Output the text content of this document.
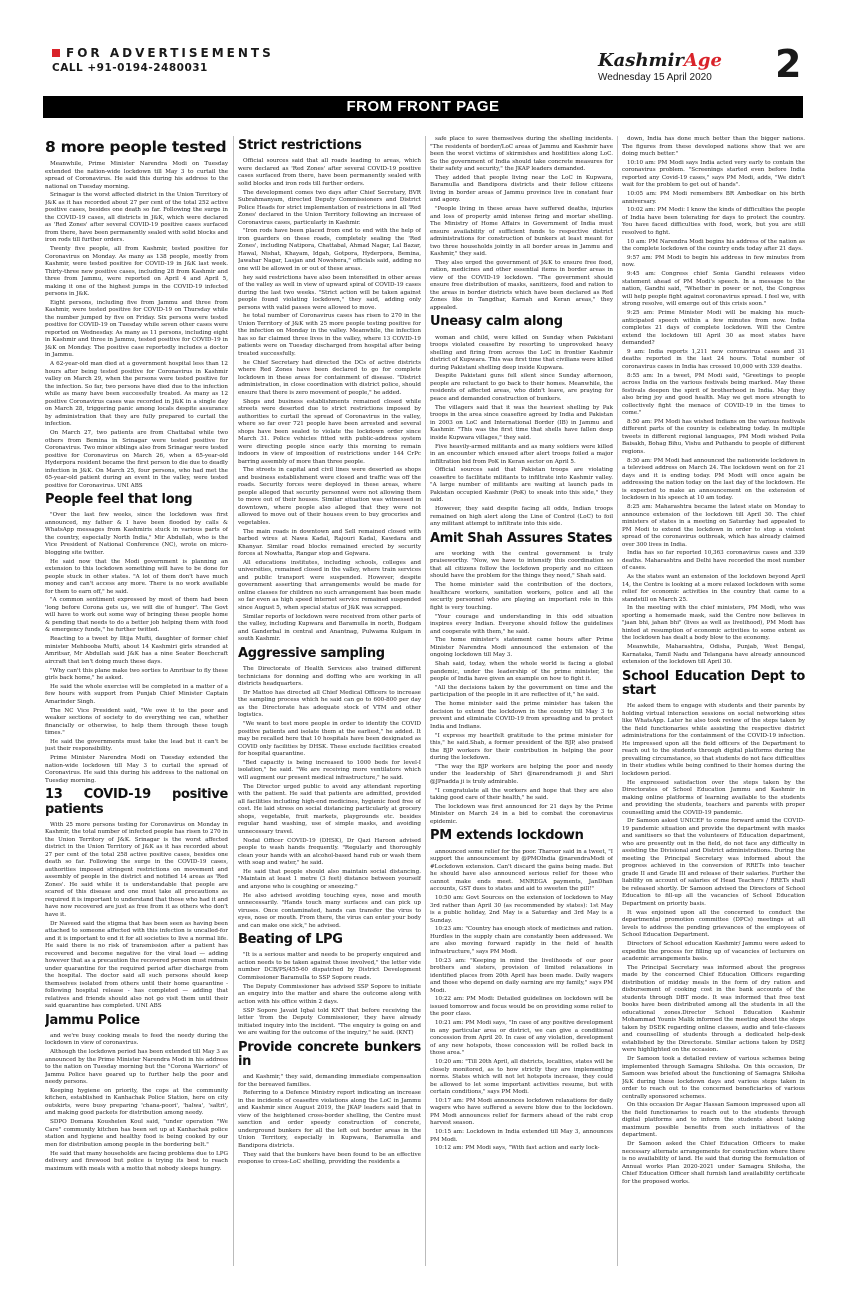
FOR ADVERTISEMENTS
CALL +91-0194-2480031	KashmirAge
Wednesday 15 April 2020 2
FROM FRONT PAGE
8 more people tested

Meanwhile, Prime Minister Narendra Modi on Tuesday extended the nation-wide lockdown till May 3 to curtail the spread of Coronavirus. He said this during his address to the national on Tuesday morning.

Srinagar is the worst affected district in the Union Territory of J&K as it has recorded about 27 per cent of the total 252 active positive cases, besides one death so far. Following the surge in the COVID-19 cases, all districts in J&K, which were declared as 'Red Zones' after several COVID-19 positive cases surfaced from there, have been permanently sealed with solid blocks and iron rods till further orders.

Twenty five people, all from Kashmir, tested positive for Coronavirus on Monday. As many as 138 people, mostly from Kashmir, were tested positive for COVID-19 in J&K last week. Thirty-three new positive cases, including 28 from Kashmir and three from Jammu, were reported on April 4 and April 5, making it one of the highest jumps in the COVID-19 infected persons in J&K.

Eight persons, including five from Jammu and three from Kashmir, were tested positive for COVID-19 on Thursday while the number jumped by five on Friday. Six persons were tested positive for COVID-19 on Tuesday while seven other cases were reported on Wednesday. As many as 11 persons, including eight in Kashmir and three in Jammu, tested positive for COVID-19 in J&K on Monday. The positive case reportedly includes a doctor in Jammu.

A 62-year-old man died at a government hospital less than 12 hours after being tested positive for Coronavirus in Kashmir valley on March 29, when the persons were tested positive for the infection. So far, two persons have died due to the infection while as many have been successfully treated. As many as 12 positive Coronavirus cases was recorded in J&K in a single day on March 28, triggering panic among locals despite assurance by administration that they are fully prepared to curtail the infection.

On March 27, two patients are from Chattabal while two others from Bemina in Srinagar were tested positive for Coronavirus. Two minor siblings also from Srinagar were tested positive for Coronavirus on March 26, when a 65-year-old Hyderpora resident became the first person to die due to deadly infection in J&K. On March 25, four persons, who had met the 65-year-old patient during an event in the valley, were tested positive for Coronavirus. UNI ABS

People feel that long

"Over the last few weeks, since the lockdown was first announced, my father & I have been flooded by calls & WhatsApp messages from Kashmiris stuck in various parts of the country, especially North India," Mir Abdullah, who is the Vice President of National Conference (NC), wrote on micro-blogging site twitter.

He said now that the Modi government is planning an extension to this lockdown something will have to be done for people stuck in other states. "A lot of them don't have much money and can't access any more. There is no work available for them to earn off," he said.

"A common sentiment expressed by most of them had been 'long before Corona gets us, we will die of hunger'. The Govt will have to work out some way of bringing these people home & pending that needs to do a better job helping them with food & emergency funds," he further twitted.

Reacting to a tweet by Iltija Mufti, daughter of former chief minister Mehbooba Mufti, about 14 Kashmiri girls stranded at Amritsar, Mr Abdullah said J&K has a nine Seater Beechcraft aircraft that isn't doing much these days.

"Why can't this plane make two sorties to Amritsar to fly these girls back home," he asked.

He said the whole exercise will be completed in a matter of a few hours with support from Punjab Chief Minister Captain Amarinder Singh.

The NC Vice President said, "We owe it to the poor and weaker sections of society to do everything we can, whether financially or otherwise, to help them through these tough times."

He said the governments must take the lead but it can't be just their responsibility.

Prime Minister Narendra Modi on Tuesday extended the nation-wide lockdown till May 3 to curtail the spread of Coronavirus. He said this during his address to the national on Tuesday morning.

13 COVID-19 positive patients

With 25 more persons testing for Coronavirus on Monday in Kashmir, the total number of infected people has risen to 270 in the Union Territory of J&K. Srinagar is the worst affected district in the Union Territory of J&K as it has recorded about 27 per cent of the total 258 active positive cases, besides one death so far. Following the surge in the COVID-19 cases, authorities imposed stringent restrictions on movement and assembly of people in the district and notified 14 areas as 'Red Zones'. He said while it is understandable that people are scared of this disease and one must take all precautions as required it is important to understand that those who had it and have now recovered are just as free from it as others who don't have it.

Dr Naveed said the stigma that has been seen as having been attached to someone affected with this infection is uncalled-for and it is important to end it for all societies to live a normal life. He said there is no risk of transmission after a patient has recovered and become negative for the viral load — adding however that as a precaution the recovered person must remain under quarantine for the required period after discharge from the hospital. The doctor said all such persons should keep themselves isolated from others until their home quarantine - following hospital release - has completed — adding that relatives and friends should also not go visit them until their said quarantine has completed. UNI ABS

Jammu Police

and we're busy cooking meals to feed the needy during the lockdown in view of coronavirus.

Although the lockdown period has been extended till May 3 as announced by the Prime Minister Narendra Modi in his address to the nation on Tuesday morning but the "Corona Warriors" of Jammu Police have geared up to further help the poor and needy persons.

Keeping hygiene on priority, the cops at the community kitchen, established in Kanhachak Police Station, here on city outskirts, were busy preparing 'chana-poori', 'halwa', 'saltri', and making good packets for distribution among needy.

SDPO Domana Koushelen Koul said, "under operation "We Care" community kitchen has been set up at Kanhachak police station and hygiene and healthy food is being cooked by our men for distribution among people in the bordering belt."

He said that many households are facing problems due to LPG delivery and firewood but police is trying its best to reach maximum with meals with a motto that nobody sleeps hungry.

Strict restrictions

Official sources said that all roads leading to areas, which were declared as 'Red Zones' after several COVID-19 positive cases surfaced from there, have been permanently sealed with solid blocks and iron rods till further orders.

The development comes two days after Chief Secretary, BVR Subrahmanyam, directed Deputy Commissioners and District Police Heads for strict implementation of restrictions in all 'Red Zones' declared in the Union Territory following an increase of Coronavirus cases, particularly in Kashmir.

"Iron rods have been placed from end to end with the help of iron guarders on these roads, completely sealing the 'Red Zones', including Natipora, Chattabal, Ahmad Nagar, Lal Bazar, Hawal, Nishat, Khayam, Idgah, Gotpora, Hyderpora, Bemina, Jawahar Nagar, Lasjan and Nowshera," officials said, adding no one will be allowed in or out of these areas.

hey said restrictions have also been intensified in other areas of the valley as well in view of upward spiral of COVID-19 cases during the last two weeks. "Strict action will be taken against people found violating lockdown," they said, adding only persons with valid passes were allowed to move.

he total number of Coronavirus cases has risen to 270 in the Union Territory of J&K with 25 more people testing positive for the infection on Monday in the valley. Meanwhile, the infection has so far claimed three lives in the valley, where 13 COVID-19 patients were on Tuesday discharged from hospital after being treated successfully.

he Chief Secretary had directed the DCs of active districts where Red Zones have been declared to go for complete lockdown in these areas for containment of disease. "District administration, in close coordination with district police, should ensure that there is zero movement of people," he added.

Shops and business establishments remained closed while streets were deserted due to strict restrictions imposed by authorities to curtail the spread of Coronavirus in the valley, where so far over 721 people have been arrested and several shops have been sealed to violate the lockdown order since March 31. Police vehicles fitted with public-address system were directing people since early this morning to remain indoors in view of imposition of restrictions under 144 CrPc barring assembly of more than three people.

The streets in capital and civil lines were deserted as shops and business establishment were closed and traffic was off the roads. Security forces were deployed in these areas, where people alleged that security personnel were not allowing them to move out of their houses. Similar situation was witnessed in downtown, where people also alleged that they were not allowed to move out of their houses even to buy groceries and vegetables.

The main roads in downtown and Sell remained closed with barbed wires at Nawa Kadal, Rajouri Kadal, Kawdara and Khanyar. Similar road blocks remained erected by security forces at Nowhatta, Rangar stop and Gojwara.

All educations institutes, including schools, colleges and universities, remained closed in the valley, where train services and public transport were suspended. However, despite government asserting that arrangements would be made for online classes for children no such arrangement has been made so far even as high speed internet service remained suspended since August 5, when special status of J&K was scrapped.

Similar reports of lockdown were received from other parts of the valley, including Kupwara and Baramulla in north, Budgam and Ganderbal in central and Anantnag, Pulwama Kulgam in south Kashmir.

Aggressive sampling

The Directorate of Health Services also trained different technicians for donning and doffing who are working in all districts headquarters.

Dr Mattoo has directed all Chief Medical Officers to increase the sampling process which he said can go to 600-800 per day as the Directorate has adequate stock of VTM and other logistics.

"We want to test more people in order to identify the COVID positive patients and isolate them at the earliest," he added. It may be recalled here that 10 hospitals have been designated as COVID only facilities by DHSK. These exclude facilities created for hospital quarantine.

"Bed capacity is being increased to 1000 beds for level-I isolation," he said. "We are receiving more ventilators which will augment our present medical infrastructure," he said.

The Director urged public to avoid any attendant reporting with the patient. He said that patients are admitted, provided all facilities including high-end medicines, hygienic food free of cost. He laid stress on social distancing particularly at grocery shops, vegetable, fruit markets, playgrounds etc. besides regular hand washing, use of simple masks, and avoiding unnecessary travel.

Nodal Officer COVID-19 (DHSK), Dr Qazi Haroon advised people to wash hands frequently. "Regularly and thoroughly clean your hands with an alcohol-based hand rub or wash them with soap and water," he said.

He said that people should also maintain social distancing. "Maintain at least 1 metre (3 feet) distance between yourself and anyone who is coughing or sneezing."

He also advised avoiding touching eyes, nose and mouth unnecessarily. "Hands touch many surfaces and can pick up viruses. Once contaminated, hands can transfer the virus to eyes, nose or mouth. From there, the virus can enter your body and can make one sick," he advised.

Beating of LPG

"It is a serious matter and needs to be properly enquired and action needs to be taken against those involved," the letter vide number DCB/PS/455-60 dispatched by District Development Commissioner Baramulla to SSP Sopore reads.

The Deputy Commissioner has advised SSP Sopore to initiate an enquiry into the matter and share the outcome along with action with his office within 2 days.

SSP Sopore Javaid Iqbal told KNT that before receiving the letter 'from the Deputy Commissioner, they have already initiated inquiry into the incident. "The enquiry is going on and we are waiting for the outcome of the inquiry," he said. (KNT)

Provide concrete bunkers in

and Kashmir," they said, demanding immediate compensation for the bereaved families.

Referring to a Defence Ministry report indicating an increase in the incidents of ceasefire violations along the LoC in Jammu and Kashmir since August 2019, the JKAP leaders said that in view of the heightened cross-border shelling, the Centre must sanction and order speedy construction of concrete, underground bunkers for all the left out border areas in the Union Territory, especially in Kupwara, Baramulla and Bandipora districts.

They said that the bunkers have been found to be an effective response to cross-LoC shelling, providing the residents a

safe place to save themselves during the shelling incidents. "The residents of border/LoC areas of Jammu and Kashmir have been the worst victims of skirmishes and hostilities along LoC. So the government of India should take concrete measures for their safety and security," the JKAP leaders demanded.

They added that people living near the LoC in Kupwara, Baramulla and Bandipora districts and their fellow citizens living in border areas of Jammu province live in constant fear and agony.

"People living in these areas have suffered deaths, injuries and loss of property amid intense firing and mortar shelling. The Ministry of Home Affairs in Government of India must ensure availability of sufficient funds to respective district administrations for construction of bunkers at least meant for two three households jointly in all border areas in Jammu and Kashmir," they said.

They also urged the government of J&K to ensure free food, ration, medicines and other essential items in border areas in view of the COVID-19 lockdown. "The government should ensure free distribution of masks, sanitizers, food and ration to the areas in border districts which have been declared as Red Zones like in Tangdhar, Karnah and Keran areas," they appealed.

Uneasy calm along

woman and child, were killed on Sunday when Pakistani troops violated ceasefire by resorting to unprovoked heavy shelling and firing from across the LoC in frontier Kashmir district of Kupwara. This was first time that civilians were killed during Pakistani shelling deep inside Kupwara.

Despite Pakistani guns fell silent since Sunday afternoon, people are reluctant to go back to their homes. Meanwhile, the residents of affected areas, who didn't leave, are praying for peace and demanded construction of bunkers.

The villagers said that it was the heaviest shelling by Pak troops in the area since ceasefire agreed by India and Pakistan in 2003 on LoC and International Border (IB) in Jammu and Kashmir. "This was the first time that shells have fallen deep inside Kupwara villages," they said.

Five heavily-armed militants and as many soldiers were killed in an encounter which ensued after alert troops foiled a major infiltration bid from PoK in Keran sector on April 5.

Official sources said that Pakistan troops are violating ceasefire to facilitate militants to infiltrate into Kashmir valley. "A large number of militants are waiting at launch pads in Pakistan occupied Kashmir (PoK) to sneak into this side," they said.

However, they said despite facing all odds, Indian troops remained on high alert along the Line of Control (LoC) to foil any militant attempt to infiltrate into this side.

Amit Shah Assures States

are working with the central government is truly praiseworthy. "Now, we have to intensify this coordination so that all citizens follow the lockdown properly and no citizen should have the problem for the things they need," Shah said.

The home minister said the contribution of the doctors, healthcare workers, sanitation workers, police and all the security personnel who are playing an important role in this fight is very touching.

"Your courage and understanding in this odd situation inspires every Indian. Everyone should follow the guidelines and cooperate with them," he said.

The home minister's statement came hours after Prime Minister Narendra Modi announced the extension of the ongoing lockdown till May 3.

Shah said, today, when the whole world is facing a global pandemic, under the leadership of the prime minister, the people of India have given an example on how to fight it.

"All the decisions taken by the government on time and the participation of the people in it are reflective of it," he said.

The home minister said the prime minister has taken the decision to extend the lockdown in the country till May 3 to prevent and eliminate COVID-19 from spreading and to protect India and Indians.

"I express my heartfelt gratitude to the prime minister for this," he said.Shah, a former president of the BJP, also praised the BJP workers for their contribution in helping the poor during the lockdown.

"The way the BJP workers are helping the poor and needy under the leadership of Shri @narendramodi ji and Shri @JPnadda ji is truly admirable.

"I congratulate all the workers and hope that they are also taking good care of their health," he said.

The lockdown was first announced for 21 days by the Prime Minister on March 24 in a bid to combat the coronavirus epidemic.

PM extends lockdown

announced some relief for the poor. Tharoor said in a tweet, "I support the announcement by @PMOIndia @narendraModi of #Lockdown extension. Can't discard the gains being made. But he should have also announced serious relief for those who cannot make ends meet. MNREGA payments, JanDhan accounts, GST dues to states and aid to sweeten the pill!"

10:50 am: Govt Sources on the extension of lockdown to May 3rd rather than April 30 (as recommended by states): 1st May is a public holiday, 2nd May is a Saturday and 3rd May is a Sunday.

10:23 am: "Country has enough stock of medicines and ration. Hurdles in the supply chain are constantly been addressed. We are also moving forward rapidly in the field of health infrastructure," says PM Modi.

10:23 am: "Keeping in mind the livelihoods of our poor brothers and sisters, provision of limited relaxations in identified places from 20th April has been made. Daily wagers and those who depend on daily earning are my family," says PM Modi.

10:22 am: PM Modi: Detailed guidelines on lockdown will be issued tomorrow and focus would be on providing some relief to the poor class.

10:21 am: PM Modi says, "In case of any positive development in any particular area or district, we can give a conditional concession from April 20. In case of any violation, development of any new hotspots, those concession will be rolled back in those area."

10:20 am: "Till 20th April, all districts, localities, states will be closely monitored, as to how strictly they are implementing norms. States which will not let hotspots increase, they could be allowed to let some important activities resume, but with certain conditions," says PM Modi.

10:17 am: PM Modi announces lockdown relaxations for daily wagers who have suffered a severe blow due to the lockdown. PM Modi announces relief for farmers ahead of the rabi crop harvest season.

10:15 am: Lockdown in India extended till May 3, announces PM Modi.

10:12 am: PM Modi says, "With fast action and early lock-

down, India has done much better than the bigger nations. The figures from these developed nations show that we are doing much better."

10:10 am: PM Modi says India acted very early to contain the coronavirus problem. "Screenings started even before India reported any Covid-19 cases," says PM Modi, adds, "We didn't wait for the problem to get out of hands".

10:05 am: PM Modi remembers BR Ambedkar on his birth anniversary.

10:02 am: PM Modi: I know the kinds of difficulties the people of India have been tolerating for days to protect the country. You have faced difficulties with food, work, but you are still resolved to fight.

10 am: PM Narendra Modi begins his address of the nation as the complete lockdown of the country ends today after 21 days.

9:57 am: PM Modi to begin his address in few minutes from now.

9:45 am: Congress chief Sonia Gandhi releases video statement ahead of PM Modi's speech. In a message to the nation, Gandhi said, "Whether in power or not, the Congress will help people fight against coronavirus spread. I feel we, with strong resolve, will emerge out of this crisis soon."

9:25 am: Prime Minister Modi will be making his much-anticipated speech within a few minutes from now. India completes 21 days of complete lockdown. Will the Centre extend the lockdown till April 30 as most states have demanded?

9 am: India reports 1,211 new coronavirus cases and 31 deaths reported in the last 24 hours. Total number of coronavirus cases in India has crossed 10,000 with 339 deaths.

8:55 am: In a tweet, PM Modi said, "Greetings to people across India on the various festivals being marked. May these festivals deepen the spirit of brotherhood in India. May they also bring joy and good health. May we get more strength to collectively fight the menace of COVID-19 in the times to come."

8:50 am: PM Modi has wished Indians on the various festivals different parts of the country is celebrating today. In multiple tweets in different regional languages, PM Modi wished Poila Baisakh, Bohag Bihu, Vishu and Puthandu to people of different regions.

8:30 am: PM Modi had announced the nationwide lockdown in a televised address on March 24. The lockdown went on for 21 days and it is ending today. PM Modi will once again be addressing the nation today on the last day of the lockdown. He is expected to make an announcement on the extension of lockdown in his speech at 10 am today.

8:25 am: Maharashtra became the latest state on Monday to announce extension of the lockdown till April 30. The chief ministers of states in a meeting on Saturday had appealed to PM Modi to extend the lockdown in order to stop a violent spread of the coronavirus outbreak, which has already claimed over 300 lives in India.

India has so far reported 10,363 coronavirus cases and 339 deaths. Maharashtra and Delhi have recorded the most number of cases.

As the states want an extension of the lockdown beyond April 14, the Centre is looking at a more relaxed lockdown with some relief for economic activities in the country that came to a standstill on March 25.

In the meeting with the chief ministers, PM Modi, who was sporting a homemade mask, said the Centre now believes in "jaan bhi, jahan bhi" (lives as well as livelihood), PM Modi has hinted at resumption of economic activities to some extent as the lockdown has dealt a body blow to the economy.

Meanwhile, Maharashtra, Odisha, Punjab, West Bengal, Karnataka, Tamil Nadu and Telangana have already announced extension of the lockdown till April 30.

School Education Dept to start

He asked them to engage with students and their parents by holding virtual interaction sessions on social networking sites like WhatsApp. Later he also took review of the steps taken by the field functionaries while assisting the respective district administrations for the containment of the COVID-19 infection. He impressed upon all the field officers of the Department to reach out to the students through digital platforms during the prevailing circumstance, so that students do not face difficulties in their studies while being confined to their homes during the lockdown period.

He expressed satisfaction over the steps taken by the Directorates of School Education Jammu and Kashmir in making online platforms of learning available to the students and providing the students, teachers and parents with proper counselling amid the COVID-19 pandemic.

Dr Samoon asked UNICEF to come forward amid the COVID-19 pandemic situation and provide the department with masks and sanitisers so that the volunteers of Education department, who are presently out in the field, do not face any difficulty in assisting the Divisional and District administrations. During the meeting the Principal Secretary was informed about the progress achieved in the conversion of RRETs into teacher grade II and Grade III and release of their salaries. Further the liability on account of salaries of Head Teachers / RRETs shall be released shortly. Dr Samoon advised the Directors of School Education to fill-up all the vacancies of School Education Department on priority basis.

It was enjoined upon all the concerned to conduct the departmental promotion committee (DPCs) meetings at all levels to address the pending grievances of the employees of School Education Department.

Directors of School education Kashmir/ Jammu were asked to expedite the process for filling up of vacancies of lecturers on academic arrangements basis.

The Principal Secretary was informed about the progress made by the concerned Chief Education Officers regarding distribution of midday meals in the form of dry ration and disbursement of cooking cost in the bank accounts of the students through DBT mode. It was informed that free text books have been distributed among all the students in all the educational zones.Director School Education Kashmir Mohammad Younis Malik informed the meeting about the steps taken by DSEK regarding online classes, audio and tele-classes and counselling of students through a dedicated help-desk established by the Directorate. Similar actions taken by DSEJ were highlighted on the occasion.

Dr Samoon took a detailed review of various schemes being implemented through Samagra Shiksha. On this occasion, Dr Samoon was briefed about the functioning of Samagra Shiksha J&K during these lockdown days and various steps taken in order to reach out to the concerned beneficiaries of various centrally sponsored schemes.

On this occasion Dr Asgar Hassan Samoon impressed upon all the field functionaries to reach out to the students through digital platforms and to inform the students about taking maximum possible benefits from such initiatives of the department.

Dr Samoon asked the Chief Education Officers to make necessary alternate arrangements for construction where there is no availability of land. He said that during the formulation of Annual works Plan 2020-2021 under Samagra Shiksha, the Chief Education Officer shall furnish land availability certificate for the proposed works.
